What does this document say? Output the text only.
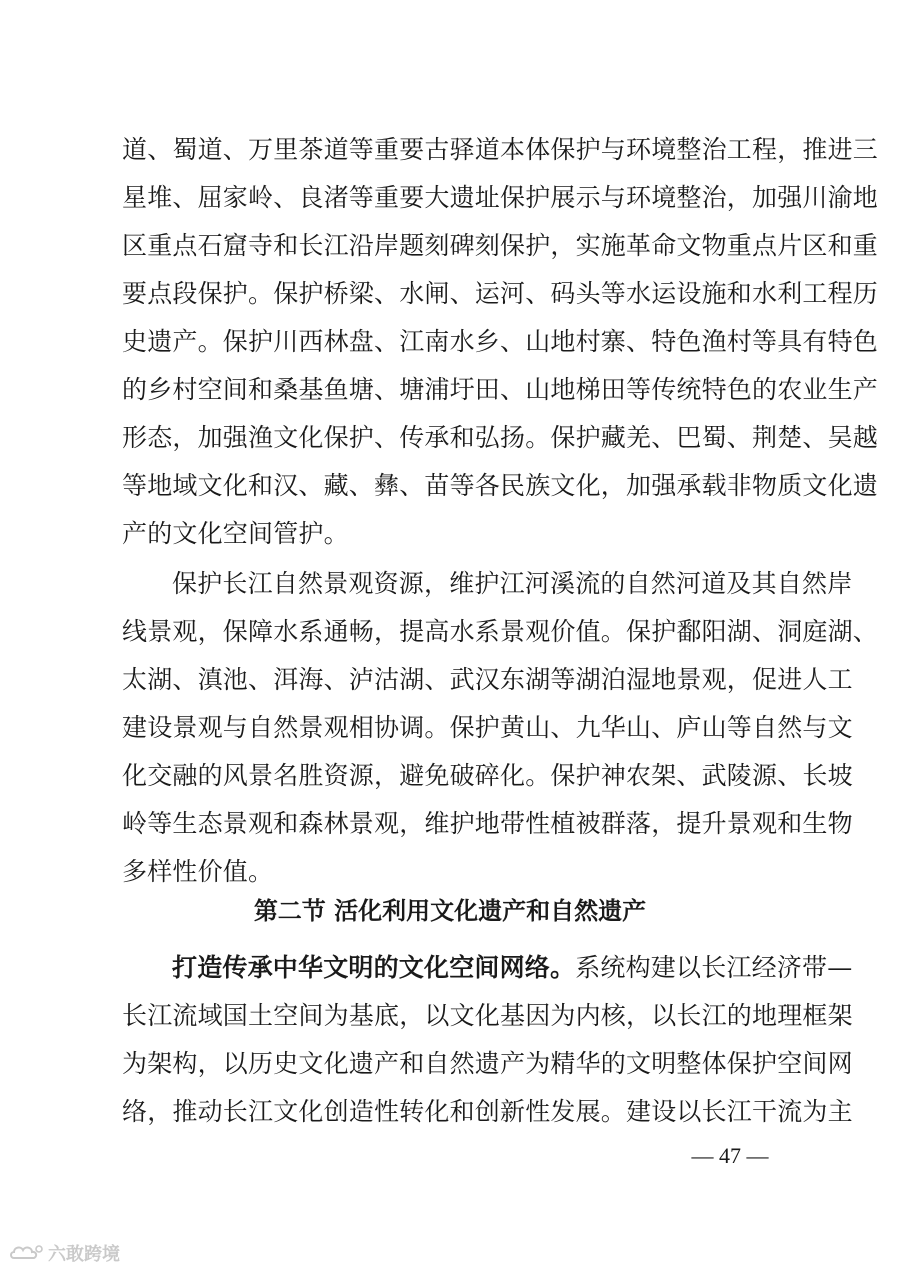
道、蜀道、万里茶道等重要古驿道本体保护与环境整治工程，推进三
星堆、屈家岭、良渚等重要大遗址保护展示与环境整治，加强川渝地
区重点石窟寺和长江沿岸题刻碑刻保护，实施革命文物重点片区和重
要点段保护。保护桥梁、水闸、运河、码头等水运设施和水利工程历
史遗产。保护川西林盘、江南水乡、山地村寨、特色渔村等具有特色
的乡村空间和桑基鱼塘、塘浦圩田、山地梯田等传统特色的农业生产
形态，加强渔文化保护、传承和弘扬。保护藏羌、巴蜀、荆楚、吴越
等地域文化和汉、藏、彝、苗等各民族文化，加强承载非物质文化遗
产的文化空间管护。
保护长江自然景观资源，维护江河溪流的自然河道及其自然岸
线景观，保障水系通畅，提高水系景观价值。保护鄱阳湖、洞庭湖、
太湖、滇池、洱海、泸沽湖、武汉东湖等湖泊湿地景观，促进人工
建设景观与自然景观相协调。保护黄山、九华山、庐山等自然与文
化交融的风景名胜资源，避免破碎化。保护神农架、武陵源、长坡
岭等生态景观和森林景观，维护地带性植被群落，提升景观和生物
多样性价值。
第二节 活化利用文化遗产和自然遗产
打造传承中华文明的文化空间网络。系统构建以长江经济带—
长江流域国土空间为基底，以文化基因为内核，以长江的地理框架
为架构，以历史文化遗产和自然遗产为精华的文明整体保护空间网
络，推动长江文化创造性转化和创新性发展。建设以长江干流为主
— 47 —
六敢跨境
